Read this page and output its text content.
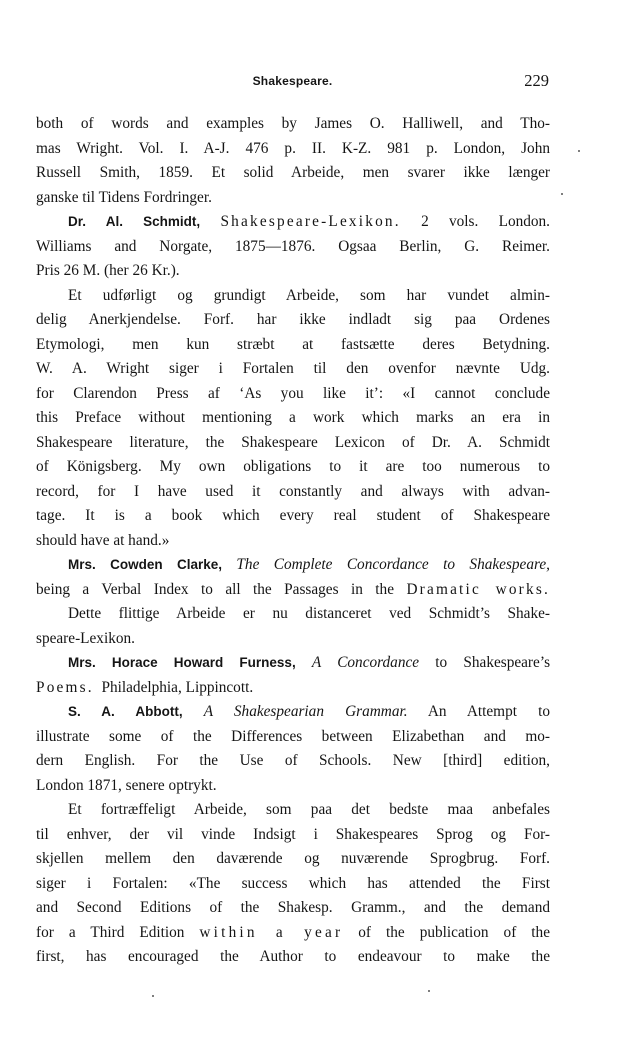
Shakespeare.	229
both of words and examples by James O. Halliwell, and Tho-
mas Wright. Vol. I. A-J. 476 p. II. K-Z. 981 p. London, John
Russell Smith, 1859. Et solid Arbeide, men svarer ikke længer
ganske til Tidens Fordringer.
Dr. Al. Schmidt, Shakespeare-Lexikon. 2 vols. London.
Williams and Norgate, 1875—1876. Ogsaa Berlin, G. Reimer.
Pris 26 M. (her 26 Kr.).
Et udførligt og grundigt Arbeide, som har vundet almin-
delig Anerkjendelse. Forf. har ikke indladt sig paa Ordenes
Etymologi, men kun stræbt at fastsætte deres Betydning.
W. A. Wright siger i Fortalen til den ovenfor nævnte Udg.
for Clarendon Press af ‘As you like it’: «I cannot conclude
this Preface without mentioning a work which marks an era in
Shakespeare literature, the Shakespeare Lexicon of Dr. A. Schmidt
of Königsberg. My own obligations to it are too numerous to
record, for I have used it constantly and always with advan-
tage. It is a book which every real student of Shakespeare
should have at hand.»
Mrs. Cowden Clarke, The Complete Concordance to Shakespeare,
being a Verbal Index to all the Passages in the Dramatic works.
Dette flittige Arbeide er nu distanceret ved Schmidt’s Shake-
speare-Lexikon.
Mrs. Horace Howard Furness, A Concordance to Shakespeare’s
Poems. Philadelphia, Lippincott.
S. A. Abbott, A Shakespearian Grammar. An Attempt to
illustrate some of the Differences between Elizabethan and mo-
dern English. For the Use of Schools. New [third] edition,
London 1871, senere optrykt.
Et fortræffeligt Arbeide, som paa det bedste maa anbefales
til enhver, der vil vinde Indsigt i Shakespeares Sprog og For-
skjellen mellem den daværende og nuværende Sprogbrug. Forf.
siger i Fortalen: «The success which has attended the First
and Second Editions of the Shakesp. Gramm., and the demand
for a Third Edition within a year of the publication of the
first, has encouraged the Author to endeavour to make the
